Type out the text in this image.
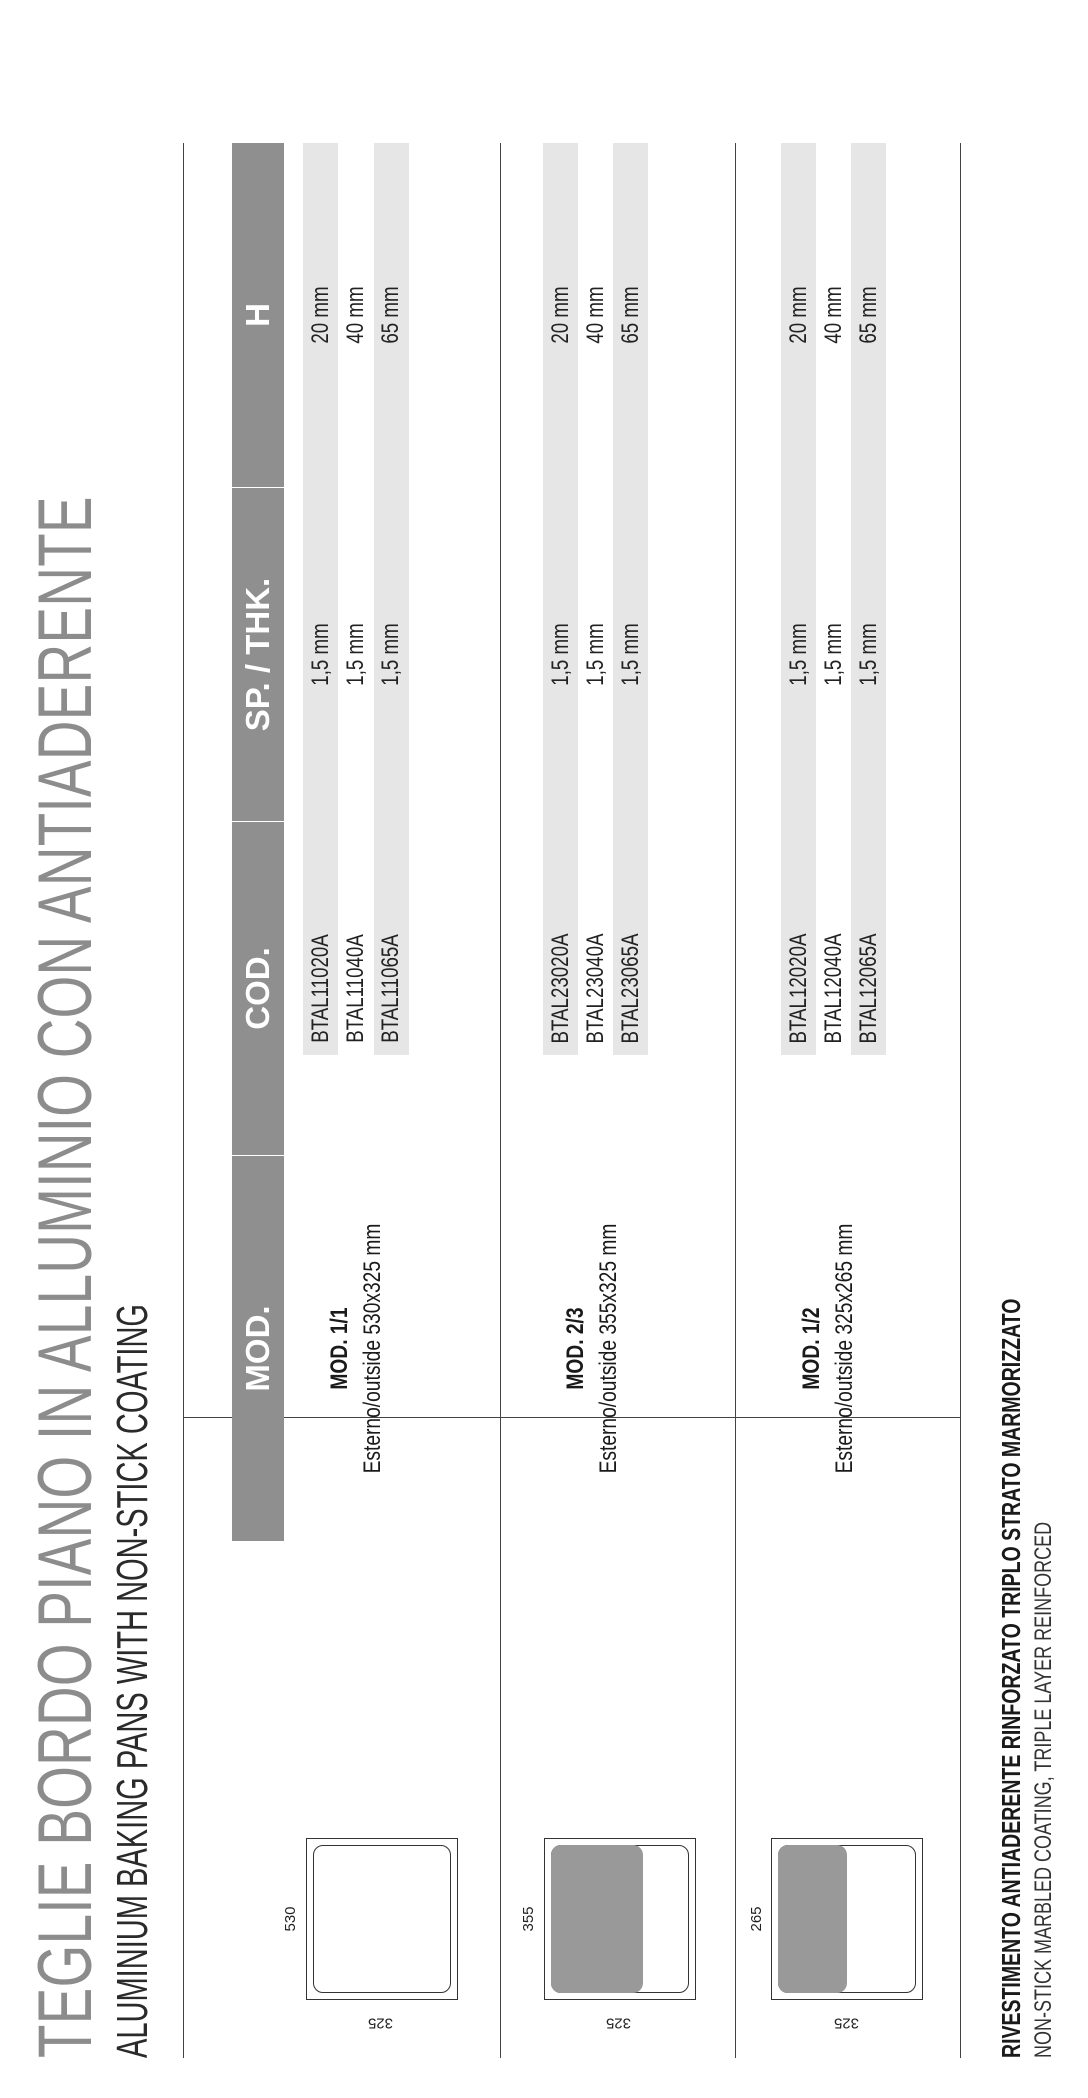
TEGLIE BORDO PIANO IN ALLUMINIO CON ANTIADERENTE ALUMINIUM BAKING PANS WITH NON-STICK COATING MOD.
COD.
SP. / THK.
H
530
325
MOD. 1/1 Esterno/outside 530x325 mm
BTAL11020A
1,5 mm
20 mm
BTAL11040A
1,5 mm
40 mm
BTAL11065A
1,5 mm
65 mm
355
325
MOD. 2/3 Esterno/outside 355x325 mm
BTAL23020A
1,5 mm
20 mm
BTAL23040A
1,5 mm
40 mm
BTAL23065A
1,5 mm
65 mm
265
325
MOD. 1/2 Esterno/outside 325x265 mm
BTAL12020A
1,5 mm
20 mm
BTAL12040A
1,5 mm
40 mm
BTAL12065A
1,5 mm
65 mm
RIVESTIMENTO ANTIADERENTE RINFORZATO TRIPLO STRATO MARMORIZZATO NON-STICK MARBLED COATING, TRIPLE LAYER REINFORCED
